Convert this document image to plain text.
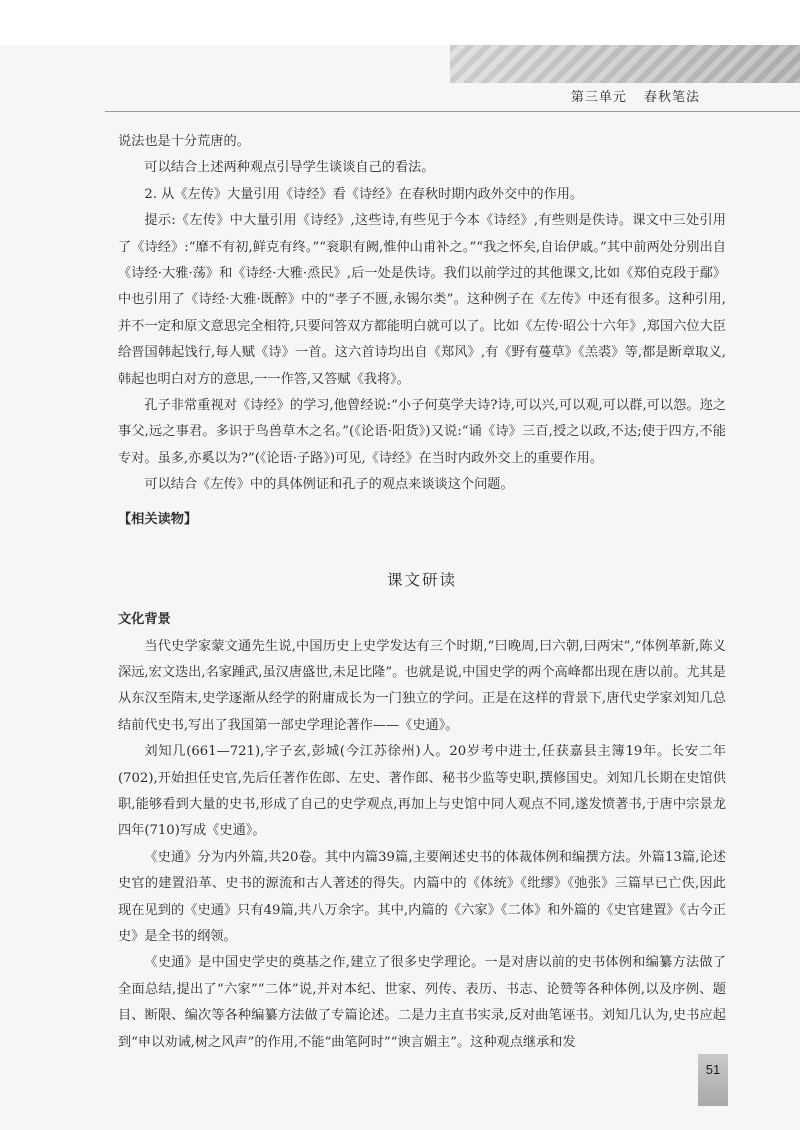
第三单元 春秋笔法

说法也是十分荒唐的。

可以结合上述两种观点引导学生谈谈自己的看法。

2. 从《左传》大量引用《诗经》看《诗经》在春秋时期内政外交中的作用。

提示:《左传》中大量引用《诗经》,这些诗,有些见于今本《诗经》,有些则是佚诗。课文中三处引用了《诗经》:“靡不有初,鲜克有终。”“衮职有阙,惟仲山甫补之。”“我之怀矣,自诒伊戚。”其中前两处分别出自《诗经·大雅·荡》和《诗经·大雅·烝民》,后一处是佚诗。我们以前学过的其他课文,比如《郑伯克段于鄢》中也引用了《诗经·大雅·既醉》中的“孝子不匮,永锡尔类”。这种例子在《左传》中还有很多。这种引用,并不一定和原文意思完全相符,只要问答双方都能明白就可以了。比如《左传·昭公十六年》,郑国六位大臣给晋国韩起饯行,每人赋《诗》一首。这六首诗均出自《郑风》,有《野有蔓草》《羔裘》等,都是断章取义,韩起也明白对方的意思,一一作答,又答赋《我将》。

孔子非常重视对《诗经》的学习,他曾经说:“小子何莫学夫诗?诗,可以兴,可以观,可以群,可以怨。迩之事父,远之事君。多识于鸟兽草木之名。”(《论语·阳货》)又说:“诵《诗》三百,授之以政,不达;使于四方,不能专对。虽多,亦奚以为?”(《论语·子路》)可见,《诗经》在当时内政外交上的重要作用。

可以结合《左传》中的具体例证和孔子的观点来谈谈这个问题。

【相关读物】

课文研读
文化背景

当代史学家蒙文通先生说,中国历史上史学发达有三个时期,“曰晚周,曰六朝,曰两宋”,“体例革新,陈义深远,宏文迭出,名家踵武,虽汉唐盛世,未足比隆”。也就是说,中国史学的两个高峰都出现在唐以前。尤其是从东汉至隋末,史学逐渐从经学的附庸成长为一门独立的学问。正是在这样的背景下,唐代史学家刘知几总结前代史书,写出了我国第一部史学理论著作——《史通》。

刘知几(661—721),字子玄,彭城(今江苏徐州)人。20岁考中进士,任获嘉县主簿19年。长安二年(702),开始担任史官,先后任著作佐郎、左史、著作郎、秘书少监等史职,撰修国史。刘知几长期在史馆供职,能够看到大量的史书,形成了自己的史学观点,再加上与史馆中同人观点不同,遂发愤著书,于唐中宗景龙四年(710)写成《史通》。

《史通》分为内外篇,共20卷。其中内篇39篇,主要阐述史书的体裁体例和编撰方法。外篇13篇,论述史官的建置沿革、史书的源流和古人著述的得失。内篇中的《体统》《纰缪》《弛张》三篇早已亡佚,因此现在见到的《史通》只有49篇,共八万余字。其中,内篇的《六家》《二体》和外篇的《史官建置》《古今正史》是全书的纲领。

《史通》是中国史学史的奠基之作,建立了很多史学理论。一是对唐以前的史书体例和编纂方法做了全面总结,提出了“六家”“二体”说,并对本纪、世家、列传、表历、书志、论赞等各种体例,以及序例、题目、断限、编次等各种编纂方法做了专篇论述。二是力主直书实录,反对曲笔诬书。刘知几认为,史书应起到“申以劝诫,树之风声”的作用,不能“曲笔阿时”“谀言媚主”。这种观点继承和发

51
